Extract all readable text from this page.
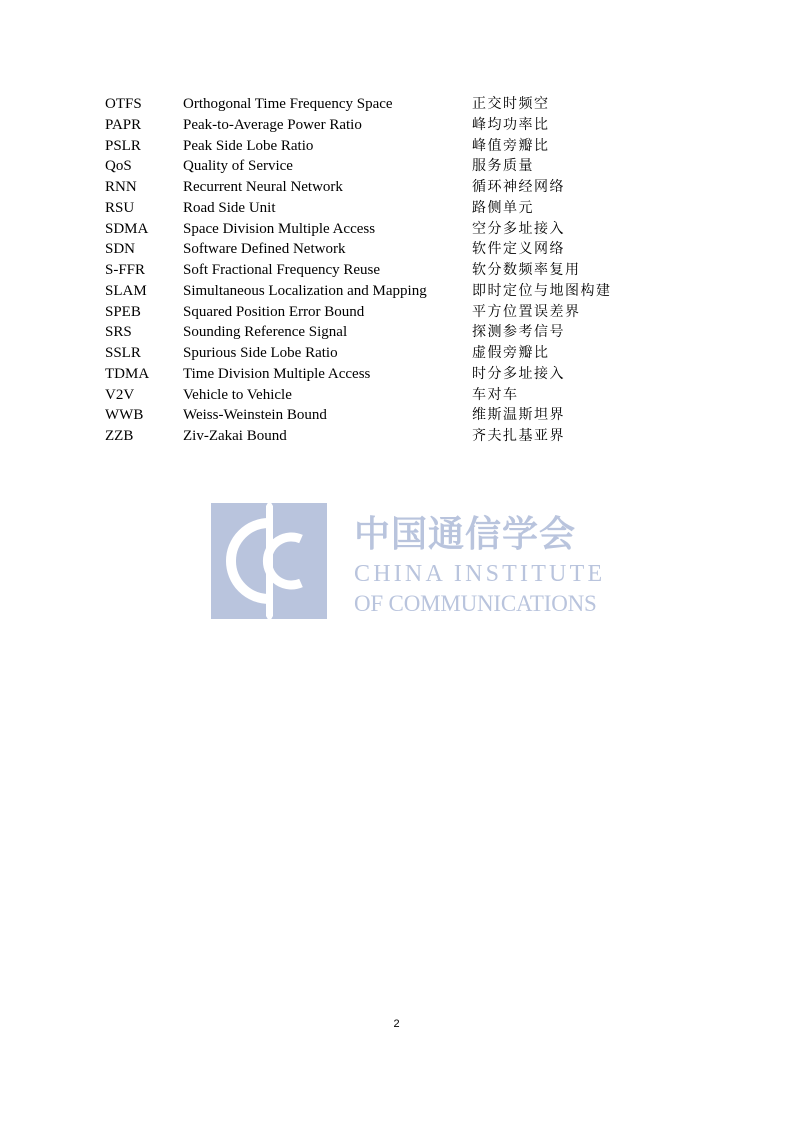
OTFS	Orthogonal Time Frequency Space	正交时频空
PAPR	Peak-to-Average Power Ratio	峰均功率比
PSLR	Peak Side Lobe Ratio	峰值旁瓣比
QoS	Quality of Service	服务质量
RNN	Recurrent Neural Network	循环神经网络
RSU	Road Side Unit	路侧单元
SDMA Space Division Multiple Access	空分多址接入
SDN	Software Defined Network	软件定义网络
S-FFR	Soft Fractional Frequency Reuse	软分数频率复用
SLAM Simultaneous Localization and Mapping	即时定位与地图构建
SPEB	Squared Position Error Bound	平方位置误差界
SRS	Sounding Reference Signal	探测参考信号
SSLR	Spurious Side Lobe Ratio	虚假旁瓣比
TDMA Time Division Multiple Access	时分多址接入
V2V	Vehicle to Vehicle	车对车
WWB	Weiss-Weinstein Bound	维斯温斯坦界
ZZB	Ziv-Zakai Bound	齐夫扎基亚界
中国通信学会
CHINA INSTITUTE
OF COMMUNICATIONS
2
